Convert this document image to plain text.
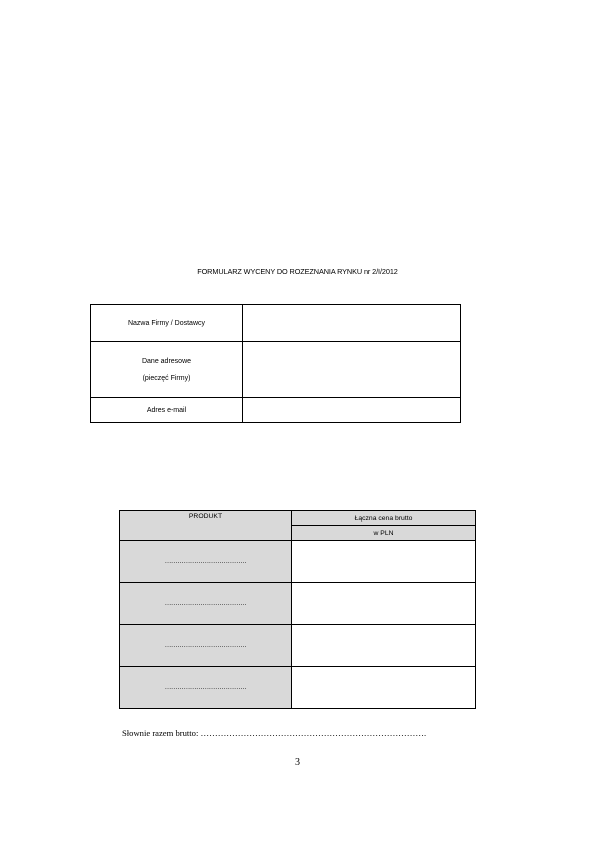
FORMULARZ WYCENY DO ROZEZNANIA RYNKU nr 2/I/2012
Nazwa Firmy / Dostawcy	

Dane adresowe
(pieczęć Firmy)	

Adres e-mail	

PRODUKT	Łączna cena brutto
	w PLN
…………………………………	
…………………………………	
…………………………………	
…………………………………	
Słownie razem brutto: …………………………………………………………………….
3
